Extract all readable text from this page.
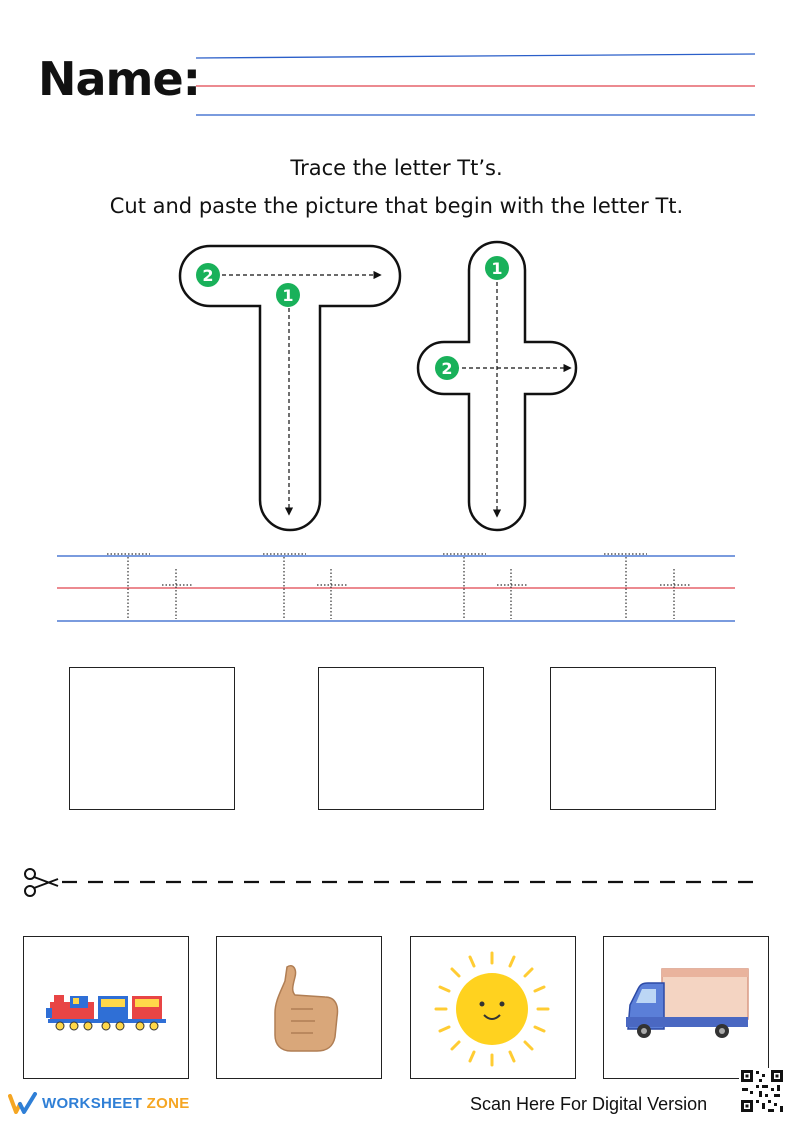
Name:
Trace the letter Tt’s.
Cut and paste the picture that begin with the letter Tt.
2
1
1
2
WORKSHEET ZONE	Scan Here For Digital Version
